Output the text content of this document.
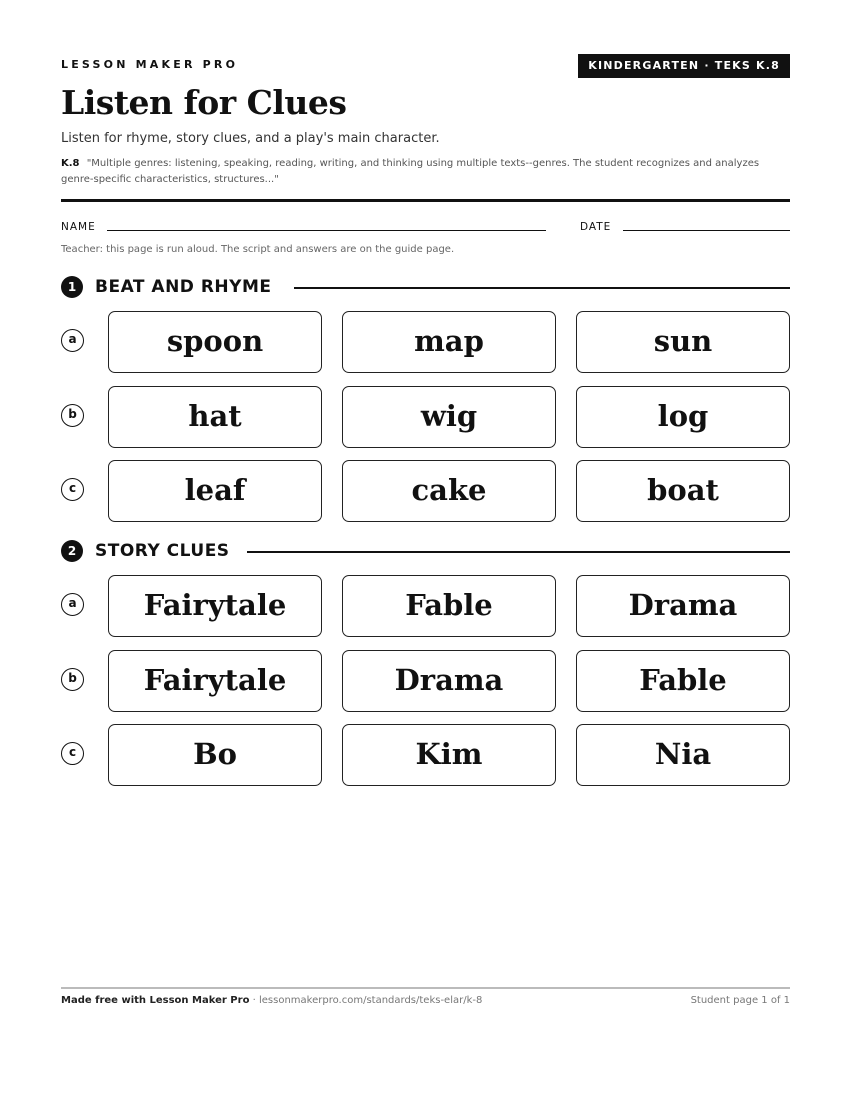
LESSON MAKER PRO	KINDERGARTEN · TEKS K.8
Listen for Clues
Listen for rhyme, story clues, and a play's main character.
K.8 "Multiple genres: listening, speaking, reading, writing, and thinking using multiple texts--genres. The student recognizes and analyzes genre-specific characteristics, structures..."
NAME	DATE
Teacher: this page is run aloud. The script and answers are on the guide page.
1	BEAT AND RHYME
a	spoon	map	sun
b	hat	wig	log
c	leaf	cake	boat
2	STORY CLUES
a	Fairytale	Fable	Drama
b	Fairytale	Drama	Fable
c	Bo	Kim	Nia
Made free with Lesson Maker Pro · lessonmakerpro.com/standards/teks-elar/k-8	Student page 1 of 1
